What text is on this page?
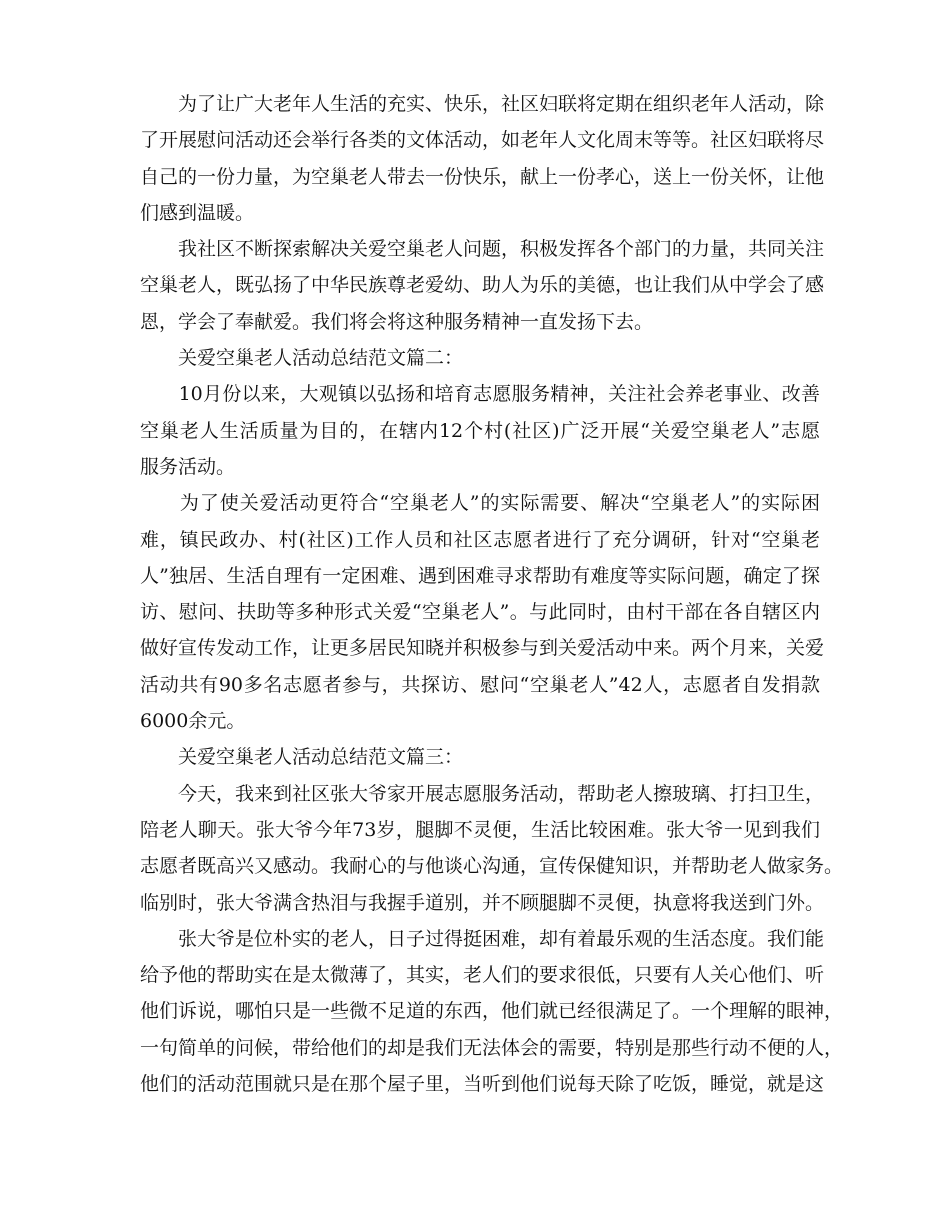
　　为了让广大老年人生活的充实、快乐，社区妇联将定期在组织老年人活动，除
了开展慰问活动还会举行各类的文体活动，如老年人文化周末等等。社区妇联将尽
自己的一份力量，为空巢老人带去一份快乐，献上一份孝心，送上一份关怀，让他
们感到温暖。
　　我社区不断探索解决关爱空巢老人问题，积极发挥各个部门的力量，共同关注
空巢老人，既弘扬了中华民族尊老爱幼、助人为乐的美德，也让我们从中学会了感
恩，学会了奉献爱。我们将会将这种服务精神一直发扬下去。
　　关爱空巢老人活动总结范文篇二：
　　10月份以来，大观镇以弘扬和培育志愿服务精神，关注社会养老事业、改善
空巢老人生活质量为目的，在辖内12个村(社区)广泛开展“关爱空巢老人”志愿
服务活动。
　　为了使关爱活动更符合“空巢老人”的实际需要、解决“空巢老人”的实际困
难，镇民政办、村(社区)工作人员和社区志愿者进行了充分调研，针对“空巢老
人”独居、生活自理有一定困难、遇到困难寻求帮助有难度等实际问题，确定了探
访、慰问、扶助等多种形式关爱“空巢老人”。与此同时，由村干部在各自辖区内
做好宣传发动工作，让更多居民知晓并积极参与到关爱活动中来。两个月来，关爱
活动共有90多名志愿者参与，共探访、慰问“空巢老人”42人，志愿者自发捐款
6000余元。
　　关爱空巢老人活动总结范文篇三：
　　今天，我来到社区张大爷家开展志愿服务活动，帮助老人擦玻璃、打扫卫生，
陪老人聊天。张大爷今年73岁，腿脚不灵便，生活比较困难。张大爷一见到我们
志愿者既高兴又感动。我耐心的与他谈心沟通，宣传保健知识，并帮助老人做家务。
临别时，张大爷满含热泪与我握手道别，并不顾腿脚不灵便，执意将我送到门外。
　　张大爷是位朴实的老人，日子过得挺困难，却有着最乐观的生活态度。我们能
给予他的帮助实在是太微薄了，其实，老人们的要求很低，只要有人关心他们、听
他们诉说，哪怕只是一些微不足道的东西，他们就已经很满足了。一个理解的眼神，
一句简单的问候，带给他们的却是我们无法体会的需要，特别是那些行动不便的人，
他们的活动范围就只是在那个屋子里，当听到他们说每天除了吃饭，睡觉，就是这
